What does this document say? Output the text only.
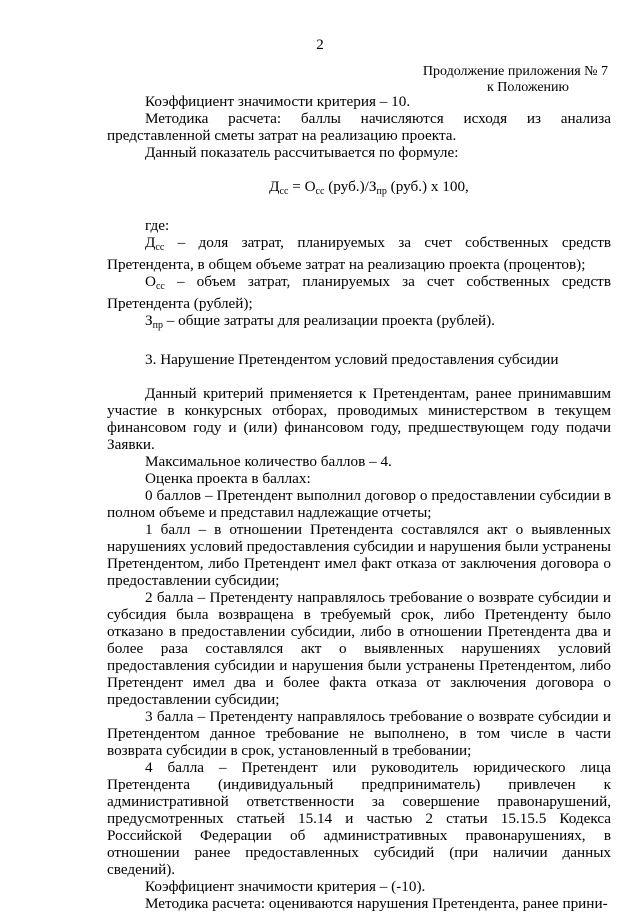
2
Продолжение приложения № 7
к Положению

Коэффициент значимости критерия – 10.

Методика расчета: баллы начисляются исходя из анализа представленной сметы затрат на реализацию проекта.

Данный показатель рассчитывается по формуле:

$Д_{сс} = О_{сс}$ $(руб.)/З_{пр}$ (руб.) х 100,

где:

$Д_{сс}$ – доля затрат, планируемых за счет собственных средств Претендента, в общем объеме затрат на реализацию проекта (процентов);

$О_{сс}$ – объем затрат, планируемых за счет собственных средств Претендента (рублей);

$З_{пр}$ – общие затраты для реализации проекта (рублей).

3. Нарушение Претендентом условий предоставления субсидии

Данный критерий применяется к Претендентам, ранее принимавшим участие в конкурсных отборах, проводимых министерством в текущем финансовом году и (или) финансовом году, предшествующем году подачи Заявки.

Максимальное количество баллов – 4.

Оценка проекта в баллах:

0 баллов – Претендент выполнил договор о предоставлении субсидии в полном объеме и представил надлежащие отчеты;

1 балл – в отношении Претендента составлялся акт о выявленных нарушениях условий предоставления субсидии и нарушения были устранены Претендентом, либо Претендент имел факт отказа от заключения договора о предоставлении субсидии;

2 балла – Претенденту направлялось требование о возврате субсидии и субсидия была возвращена в требуемый срок, либо Претенденту было отказано в предоставлении субсидии, либо в отношении Претендента два и более раза составлялся акт о выявленных нарушениях условий предоставления субсидии и нарушения были устранены Претендентом, либо Претендент имел два и более факта отказа от заключения договора о предоставлении субсидии;

3 балла – Претенденту направлялось требование о возврате субсидии и Претендентом данное требование не выполнено, в том числе в части возврата субсидии в срок, установленный в требовании;

4 балла – Претендент или руководитель юридического лица Претендента (индивидуальный предприниматель) привлечен к административной ответственности за совершение правонарушений, предусмотренных статьей 15.14 и частью 2 статьи 15.15.5 Кодекса Российской Федерации об административных правонарушениях, в отношении ранее предоставленных субсидий (при наличии данных сведений).

Коэффициент значимости критерия – (-10).

Методика расчета: оцениваются нарушения Претендента, ранее прини-
